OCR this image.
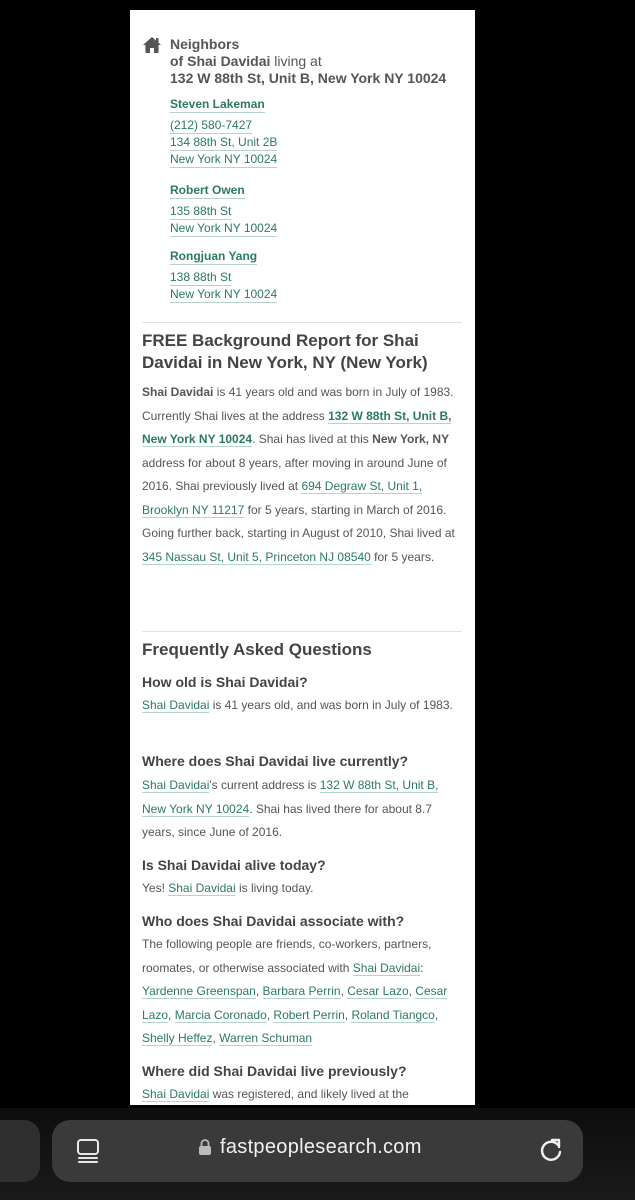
Neighbors
of Shai Davidai living at
132 W 88th St, Unit B, New York NY 10024
Steven Lakeman
(212) 580-7427
134 88th St, Unit 2B
New York NY 10024
Robert Owen
135 88th St
New York NY 10024
Rongjuan Yang
138 88th St
New York NY 10024
FREE Background Report for Shai Davidai in New York, NY (New York)
Shai Davidai is 41 years old and was born in July of 1983. Currently Shai lives at the address 132 W 88th St, Unit B, New York NY 10024. Shai has lived at this New York, NY address for about 8 years, after moving in around June of 2016. Shai previously lived at 694 Degraw St, Unit 1, Brooklyn NY 11217 for 5 years, starting in March of 2016. Going further back, starting in August of 2010, Shai lived at 345 Nassau St, Unit 5, Princeton NJ 08540 for 5 years.
Frequently Asked Questions
How old is Shai Davidai?
Shai Davidai is 41 years old, and was born in July of 1983.
Where does Shai Davidai live currently?
Shai Davidai's current address is 132 W 88th St, Unit B, New York NY 10024. Shai has lived there for about 8.7 years, since June of 2016.
Is Shai Davidai alive today?
Yes! Shai Davidai is living today.
Who does Shai Davidai associate with?
The following people are friends, co-workers, partners, roomates, or otherwise associated with Shai Davidai: Yardenne Greenspan, Barbara Perrin, Cesar Lazo, Cesar Lazo, Marcia Coronado, Robert Perrin, Roland Tiangco, Shelly Heffez, Warren Schuman
Where did Shai Davidai live previously?
Shai Davidai was registered, and likely lived at the
fastpeoplesearch.com
